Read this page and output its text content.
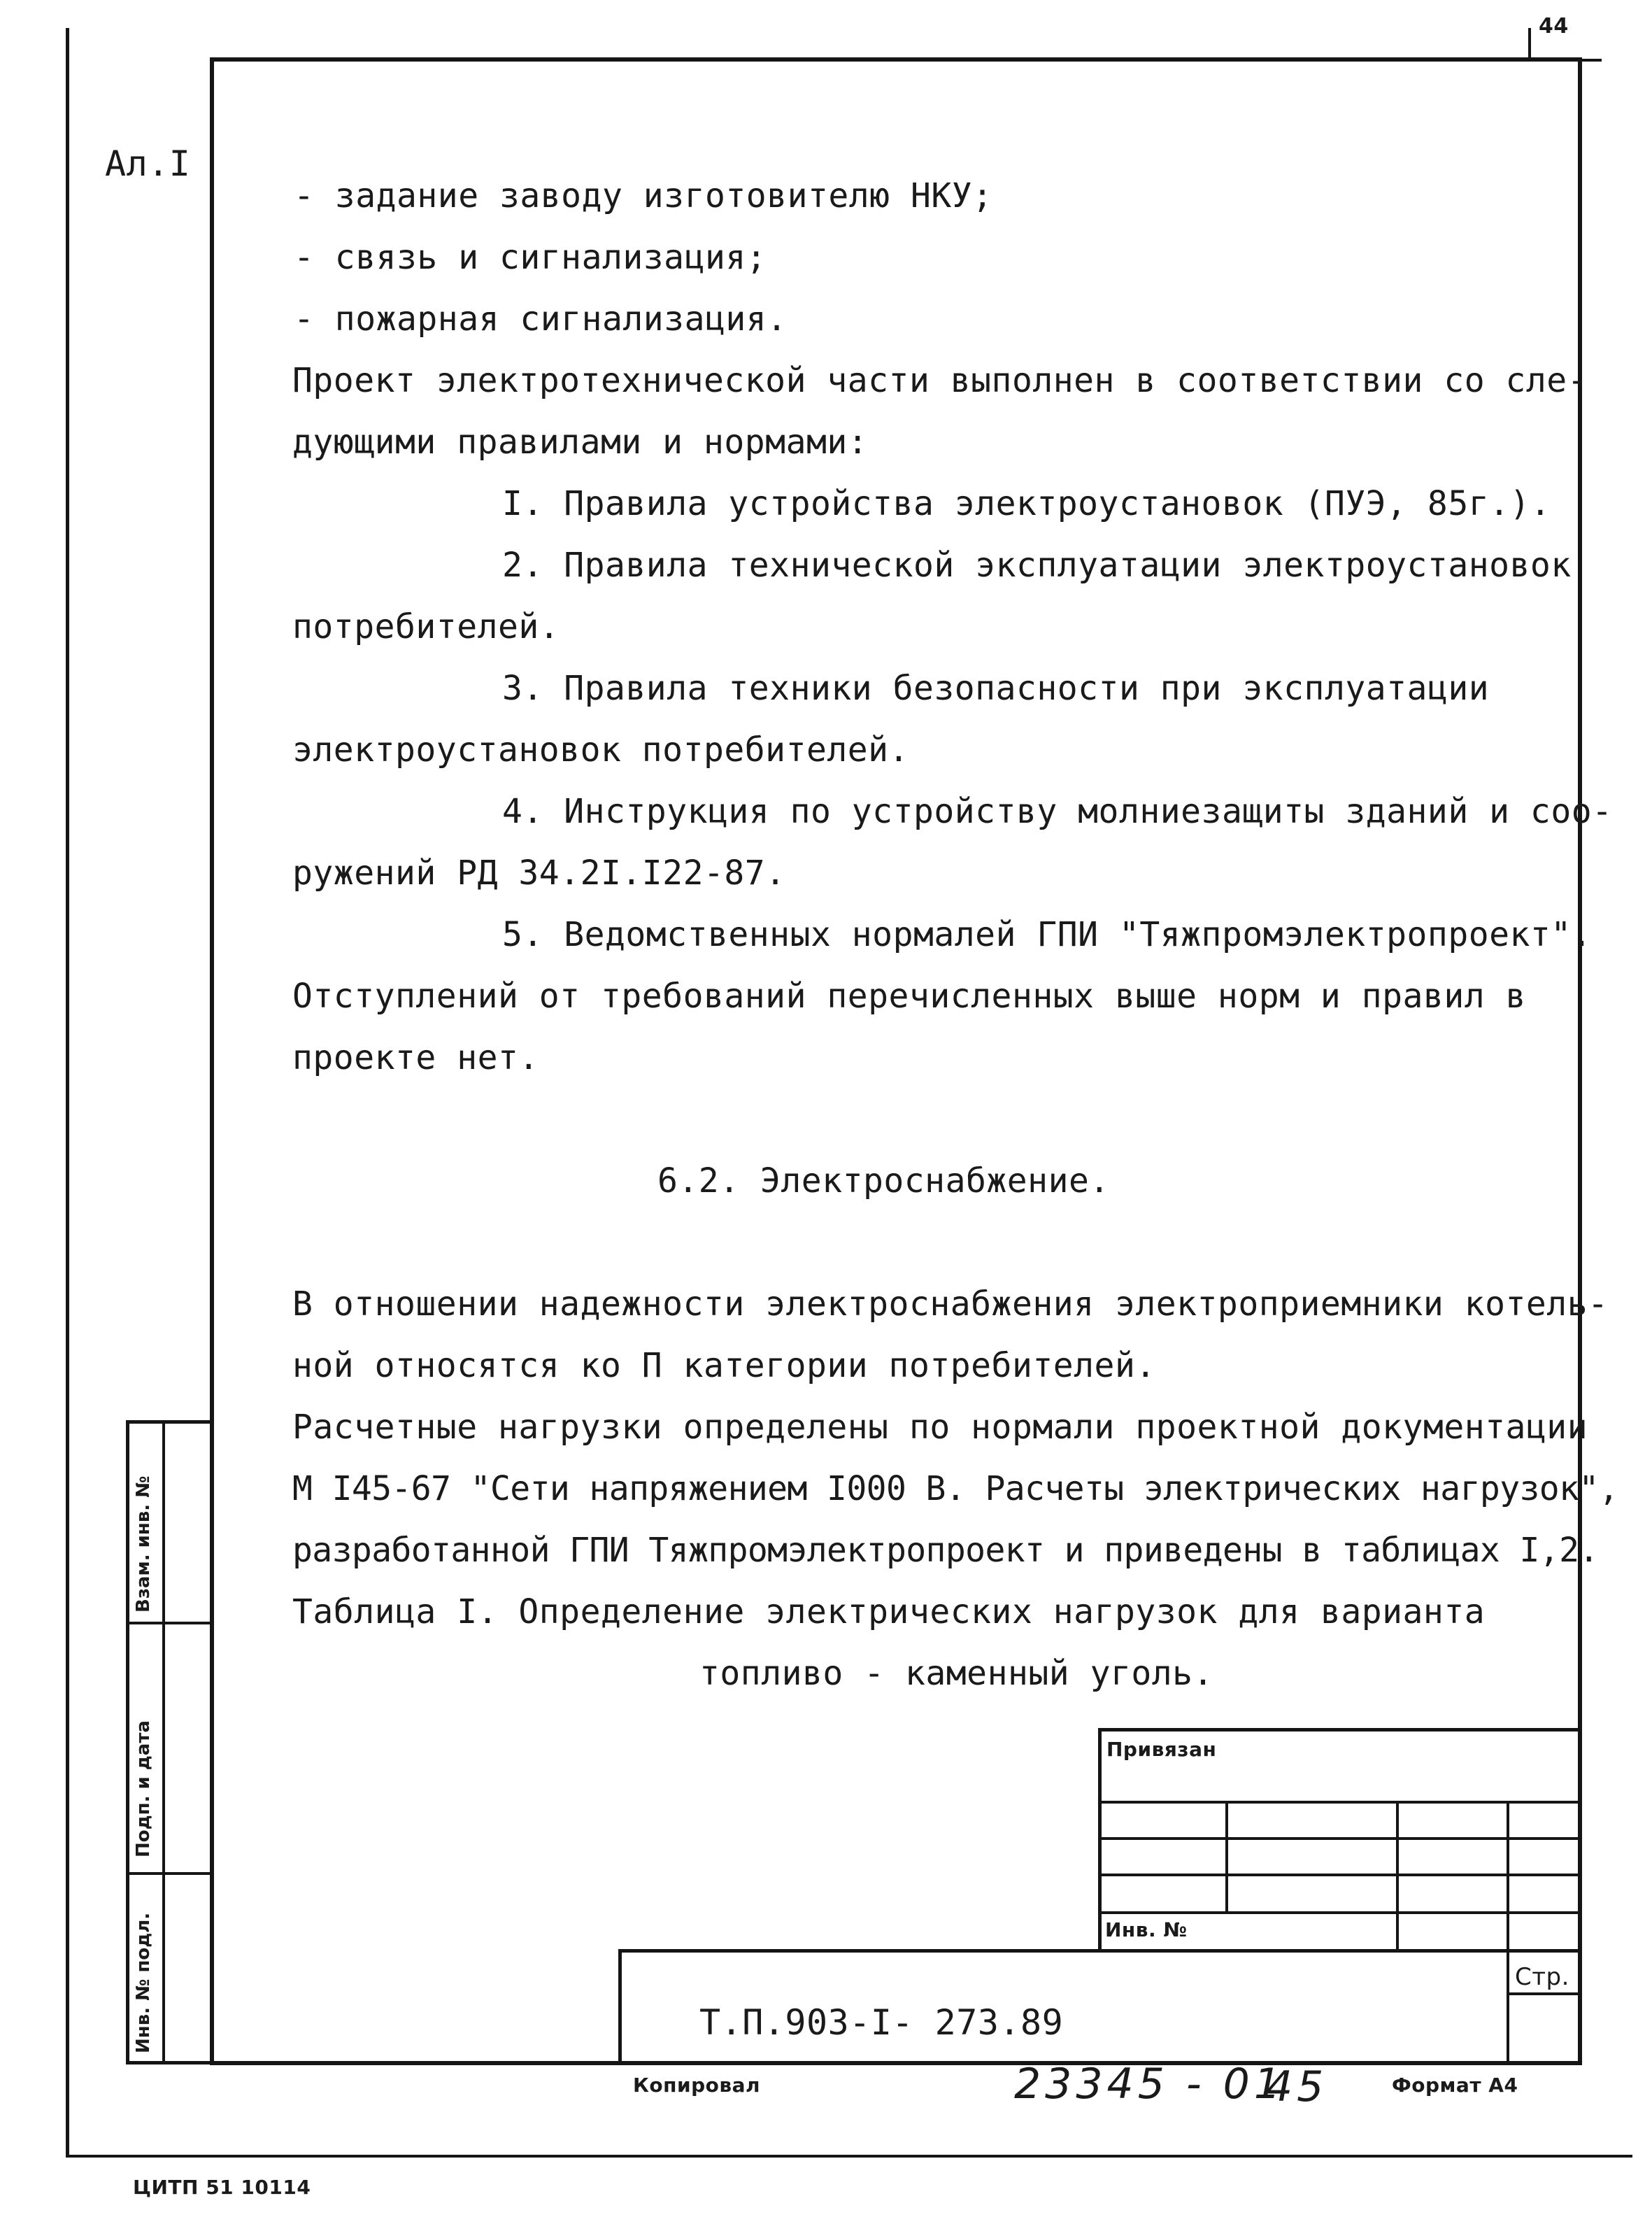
44
Ал.I
- задание заводу изготовителю НКУ;
- связь и сигнализация;
- пожарная сигнализация.
Проект электротехнической части выполнен в соответствии со сле-
дующими правилами и нормами:
I. Правила устройства электроустановок (ПУЭ, 85г.).
2. Правила технической эксплуатации электроустановок
потребителей.
3. Правила техники безопасности при эксплуатации
электроустановок потребителей.
4. Инструкция по устройству молниезащиты зданий и соо-
ружений РД 34.2I.I22-87.
5. Ведомственных нормалей ГПИ "Тяжпромэлектропроект".
Отступлений от требований перечисленных выше норм и правил в
проекте нет.
6.2. Электроснабжение.
В отношении надежности электроснабжения электроприемники котель-
ной относятся ко П категории потребителей.
Расчетные нагрузки определены по нормали проектной документации
М I45-67 "Сети напряжением I000 В. Расчеты электрических нагрузок",
разработанной ГПИ Тяжпромэлектропроект и приведены в таблицах I,2.
Таблица I. Определение электрических нагрузок для варианта
топливо - каменный уголь.
Взам. инв. №
Подп. и дата
Инв. № подл.
Привязан
Инв. №
Стр.
Т.П.903-I- 273.89
Копировал	23345 - 01
45	Формат А4
ЦИТП 51 10114
